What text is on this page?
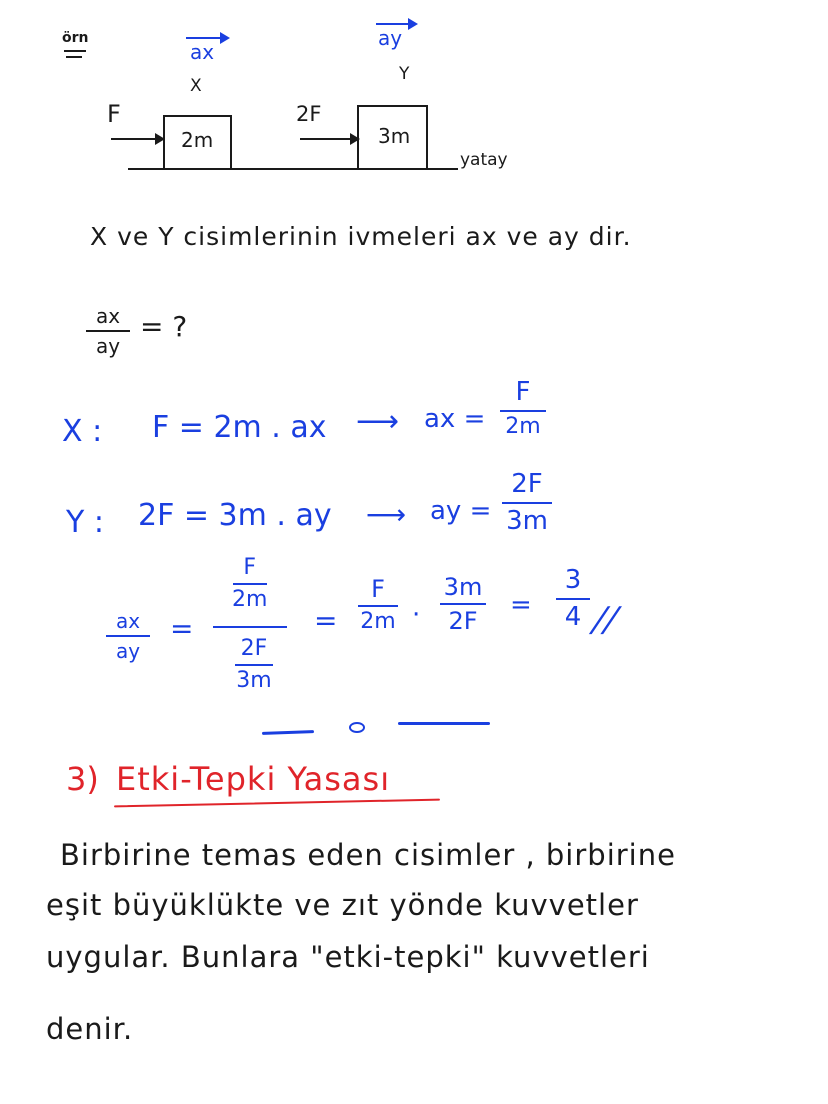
örn
ax
ay
X
Y
F	2F
2m	3m
yatay
X ve Y cisimlerinin ivmeleri ax ve ay dir.
ax
ay
= ?
X : F = 2m . ax ⟶ ax =
F
2m
Y : 2F = 3m . ay ⟶ ay =
2F
3m
ax
ay
=
F
2m
2F
3m
=
F
2m ·
3m
2F
=
3
4 //
3) Etki-Tepki Yasası
Birbirine temas eden cisimler , birbirine
eşit büyüklükte ve zıt yönde kuvvetler
uygular. Bunlara "etki-tepki" kuvvetleri
denir.
